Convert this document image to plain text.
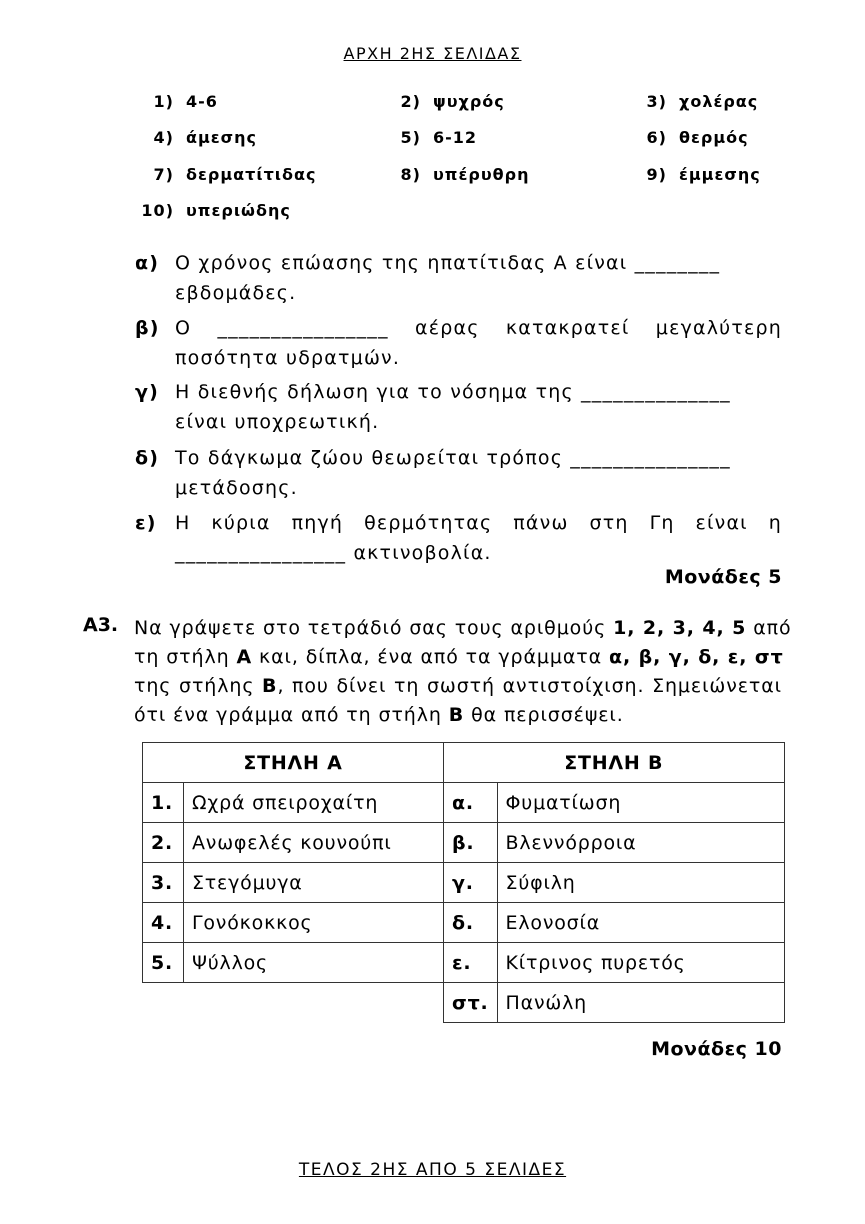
ΑΡΧΗ 2ΗΣ ΣΕΛΙΔΑΣ
1) 4-6	2) ψυχρός	3) χολέρας
4) άμεσης	5) 6-12	6) θερμός
7) δερματίτιδας	8) υπέρυθρη	9) έμμεσης
10) υπεριώδης
α) Ο χρόνος επώασης της ηπατίτιδας Α είναι ________
εβδομάδες.
β) Ο ________________ αέρας κατακρατεί μεγαλύτερη
ποσότητα υδρατμών.
γ) Η διεθνής δήλωση για το νόσημα της ______________
είναι υποχρεωτική.
δ) Το δάγκωμα ζώου θεωρείται τρόπος _______________
μετάδοσης.
ε) Η κύρια πηγή θερμότητας πάνω στη Γη είναι η
________________ ακτινοβολία.
Μονάδες 5
Α3. Να γράψετε στο τετράδιό σας τους αριθμούς 1, 2, 3, 4, 5 από
τη στήλη Α και, δίπλα, ένα από τα γράμματα α, β, γ, δ, ε, στ
της στήλης Β, που δίνει τη σωστή αντιστοίχιση. Σημειώνεται
ότι ένα γράμμα από τη στήλη Β θα περισσέψει.
ΣΤΗΛΗ Α		ΣΤΗΛΗ Β	
1.	Ωχρά σπειροχαίτη	α.	Φυματίωση
2.	Ανωφελές κουνούπι	β.	Βλεννόρροια
3.	Στεγόμυγα	γ.	Σύφιλη
4.	Γονόκοκκος	δ.	Ελονοσία
5.	Ψύλλος	ε.	Κίτρινος πυρετός
		στ.	Πανώλη
Μονάδες 10
ΤΕΛΟΣ 2ΗΣ ΑΠΟ 5 ΣΕΛΙΔΕΣ
